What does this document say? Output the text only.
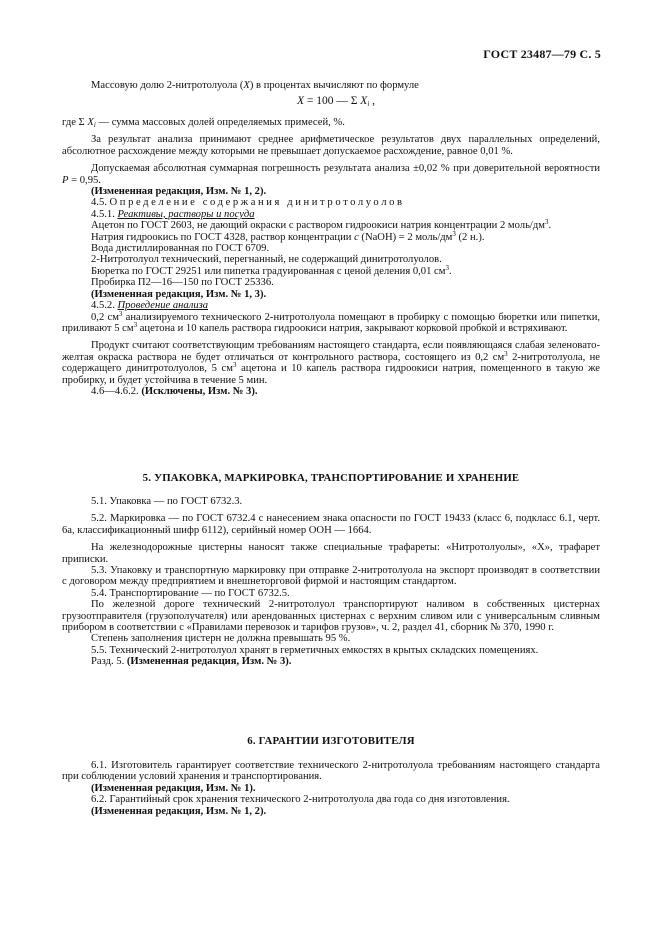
ГОСТ 23487—79 С. 5

Массовую долю 2-нитротолуола (X) в процентах вычисляют по формуле

X = 100 — Σ $X_i$ ,

где Σ $X_i$ — сумма массовых долей определяемых примесей, %.

За результат анализа принимают среднее арифметическое результатов двух параллельных определений, абсолютное расхождение между которыми не превышает допускаемое расхождение, равное 0,01 %.

Допускаемая абсолютная суммарная погрешность результата анализа ±0,02 % при доверительной вероятности P = 0,95.

(Измененная редакция, Изм. № 1, 2).

4.5. Определение содержания динитротолуолов

4.5.1. Реактивы, растворы и посуда

Ацетон по ГОСТ 2603, не дающий окраски с раствором гидроокиси натрия концентрации 2 моль/$дм^3$.

Натрия гидроокись по ГОСТ 4328, раствор концентрации c (NaOH) = 2 моль/$дм^3$ (2 н.).

Вода дистиллированная по ГОСТ 6709.

2-Нитротолуол технический, перегнанный, не содержащий динитротолуолов.

Бюретка по ГОСТ 29251 или пипетка градуированная с ценой деления 0,01 $см^3$.

Пробирка П2—16—150 по ГОСТ 25336.

(Измененная редакция, Изм. № 1, 3).

4.5.2. Проведение анализа

0,2 $см^3$ анализируемого технического 2-нитротолуола помещают в пробирку с помощью бюретки или пипетки, приливают 5 $см^3$ ацетона и 10 капель раствора гидроокиси натрия, закрывают корковой пробкой и встряхивают.

Продукт считают соответствующим требованиям настоящего стандарта, если появляющаяся слабая зеленовато-желтая окраска раствора не будет отличаться от контрольного раствора, состоящего из 0,2 $см^3$ 2-нитротолуола, не содержащего динитротолуолов, 5 $см^3$ ацетона и 10 капель раствора гидроокиси натрия, помещенного в такую же пробирку, и будет устойчива в течение 5 мин.

4.6—4.6.2. (Исключены, Изм. № 3).

5. УПАКОВКА, МАРКИРОВКА, ТРАНСПОРТИРОВАНИЕ И ХРАНЕНИЕ

5.1. Упаковка — по ГОСТ 6732.3.

5.2. Маркировка — по ГОСТ 6732.4 с нанесением знака опасности по ГОСТ 19433 (класс 6, подкласс 6.1, черт. 6а, классификационный шифр 6112), серийный номер ООН — 1664.

На железнодорожные цистерны наносят также специальные трафареты: «Нитротолуолы», «Х», трафарет приписки.

5.3. Упаковку и транспортную маркировку при отправке 2-нитротолуола на экспорт производят в соответствии с договором между предприятием и внешнеторговой фирмой и настоящим стандартом.

5.4. Транспортирование — по ГОСТ 6732.5.

По железной дороге технический 2-нитротолуол транспортируют наливом в собственных цистернах грузоотправителя (грузополучателя) или арендованных цистернах с верхним сливом или с универсальным сливным прибором в соответствии с «Правилами перевозок и тарифов грузов», ч. 2, раздел 41, сборник № 370, 1990 г.

Степень заполнения цистерн не должна превышать 95 %.

5.5. Технический 2-нитротолуол хранят в герметичных емкостях в крытых складских помещениях.

Разд. 5. (Измененная редакция, Изм. № 3).

6. ГАРАНТИИ ИЗГОТОВИТЕЛЯ

6.1. Изготовитель гарантирует соответствие технического 2-нитротолуола требованиям настоящего стандарта при соблюдении условий хранения и транспортирования.

(Измененная редакция, Изм. № 1).

6.2. Гарантийный срок хранения технического 2-нитротолуола два года со дня изготовления.

(Измененная редакция, Изм. № 1, 2).
